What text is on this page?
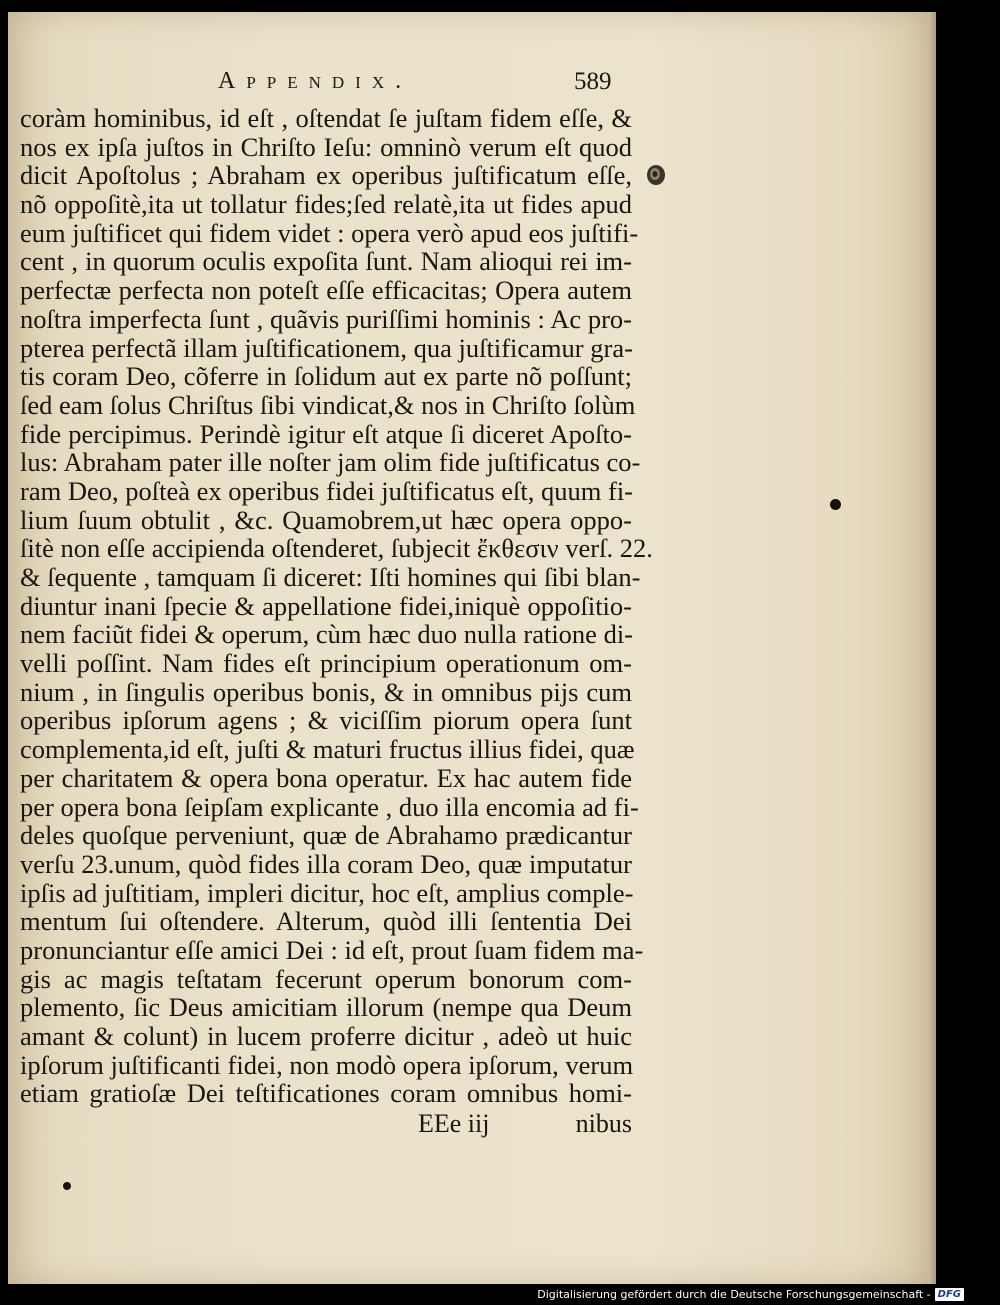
Appendix.	589
coràm hominibus, id eſt , oſtendat ſe juſtam fidem eſſe, &
nos ex ipſa juſtos in Chriſto Ieſu: omninò verum eſt quod
dicit Apoſtolus ; Abraham ex operibus juſtificatum eſſe,
nõ oppoſitè,ita ut tollatur fides;ſed relatè,ita ut fides apud
eum juſtificet qui fidem videt : opera verò apud eos juſtifi-
cent , in quorum oculis expoſita ſunt. Nam alioqui rei im-
perfectæ perfecta non poteſt eſſe efficacitas; Opera autem
noſtra imperfecta ſunt , quãvis puriſſimi hominis : Ac pro-
pterea perfectã illam juſtificationem, qua juſtificamur gra-
tis coram Deo, cõferre in ſolidum aut ex parte nõ poſſunt;
ſed eam ſolus Chriſtus ſibi vindicat,& nos in Chriſto ſolùm
fide percipimus. Perindè igitur eſt atque ſi diceret Apoſto-
lus: Abraham pater ille noſter jam olim fide juſtificatus co-
ram Deo, poſteà ex operibus fidei juſtificatus eſt, quum fi-
lium ſuum obtulit , &c. Quamobrem,ut hæc opera oppo-
ſitè non eſſe accipienda oſtenderet, ſubjecit ἔκθεσιν verſ. 22.
& ſequente , tamquam ſi diceret: Iſti homines qui ſibi blan-
diuntur inani ſpecie & appellatione fidei,iniquè oppoſitio-
nem faciũt fidei & operum, cùm hæc duo nulla ratione di-
velli poſſint. Nam fides eſt principium operationum om-
nium , in ſingulis operibus bonis, & in omnibus pijs cum
operibus ipſorum agens ; & viciſſim piorum opera ſunt
complementa,id eſt, juſti & maturi fructus illius fidei, quæ
per charitatem & opera bona operatur. Ex hac autem fide
per opera bona ſeipſam explicante , duo illa encomia ad fi-
deles quoſque perveniunt, quæ de Abrahamo prædicantur
verſu 23.unum, quòd fides illa coram Deo, quæ imputatur
ipſis ad juſtitiam, impleri dicitur, hoc eſt, amplius comple-
mentum ſui oſtendere. Alterum, quòd illi ſententia Dei
pronunciantur eſſe amici Dei : id eſt, prout ſuam fidem ma-
gis ac magis teſtatam fecerunt operum bonorum com-
plemento, ſic Deus amicitiam illorum (nempe qua Deum
amant & colunt) in lucem proferre dicitur , adeò ut huic
ipſorum juſtificanti fidei, non modò opera ipſorum, verum
etiam gratioſæ Dei teſtificationes coram omnibus homi-
EEe iij	nibus
Digitalisierung gefördert durch die Deutsche Forschungsgemeinschaft - DFG
